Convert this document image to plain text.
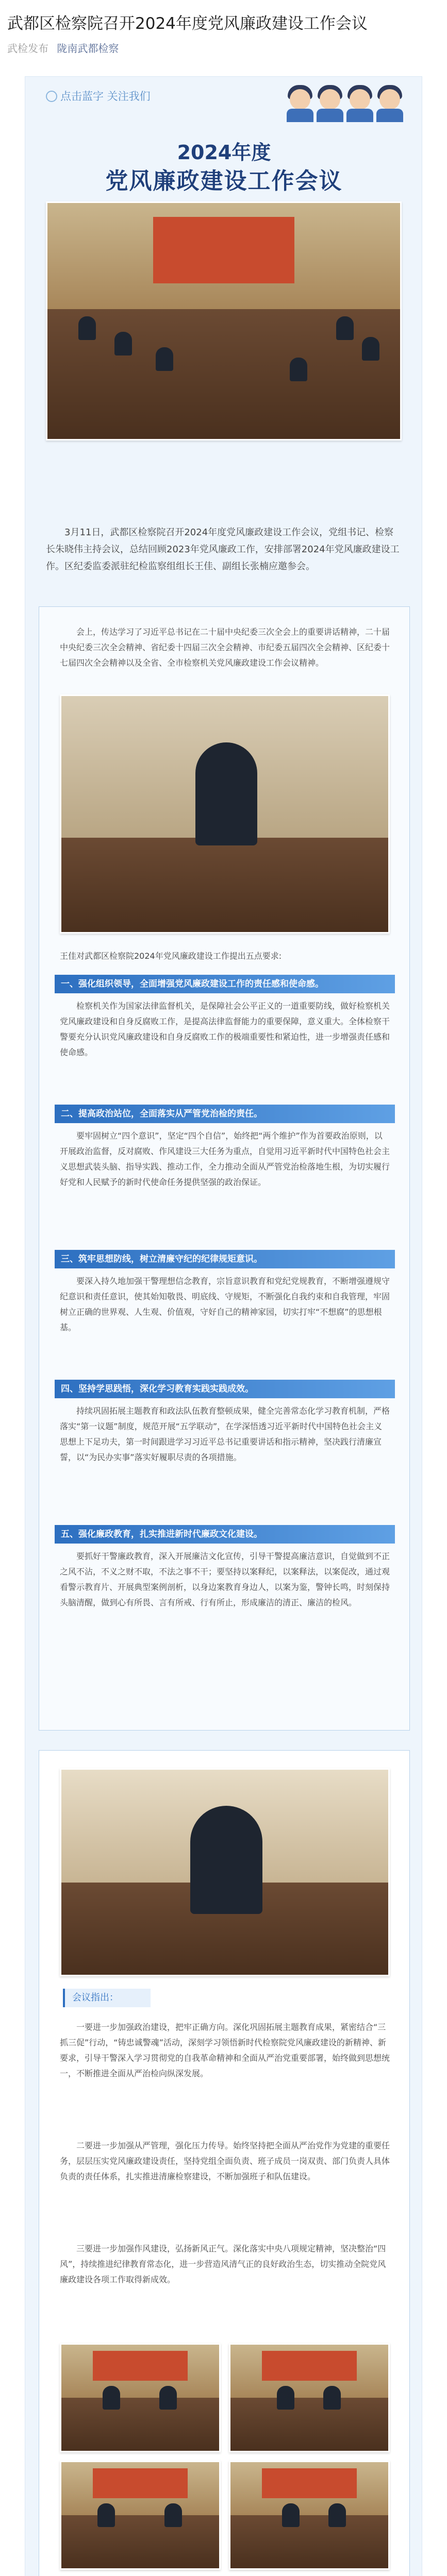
武都区检察院召开2024年度党风廉政建设工作会议
武检发布 陇南武都检察
点击蓝字 关注我们
2024年度
党风廉政建设工作会议
3月11日，武都区检察院召开2024年度党风廉政建设工作会议，党组书记、检察长朱晓伟主持会议，总结回顾2023年党风廉政工作，安排部署2024年党风廉政建设工作。区纪委监委派驻纪检监察组组长王佳、副组长张楠应邀参会。
会上，传达学习了习近平总书记在二十届中央纪委三次全会上的重要讲话精神，二十届中央纪委三次全会精神、省纪委十四届三次全会精神、市纪委五届四次全会精神、区纪委十七届四次全会精神以及全省、全市检察机关党风廉政建设工作会议精神。
王佳对武都区检察院2024年党风廉政建设工作提出五点要求:
一、强化组织领导，全面增强党风廉政建设工作的责任感和使命感。
检察机关作为国家法律监督机关，是保障社会公平正义的一道重要防线，做好检察机关党风廉政建设和自身反腐败工作，是提高法律监督能力的重要保障，意义重大。全体检察干警要充分认识党风廉政建设和自身反腐败工作的极端重要性和紧迫性，进一步增强责任感和使命感。
二、提高政治站位，全面落实从严管党治检的责任。
要牢固树立“四个意识”，坚定“四个自信”，始终把“两个维护”作为首要政治原则，以开展政治监督，反对腐败、作风建设三大任务为重点，自觉用习近平新时代中国特色社会主义思想武装头脑、指导实践、推动工作，全力推动全面从严管党治检落地生根，为切实履行好党和人民赋予的新时代使命任务提供坚强的政治保证。
三、筑牢思想防线，树立清廉守纪的纪律规矩意识。
要深入持久地加强干警理想信念教育，宗旨意识教育和党纪党规教育，不断增强遵规守纪意识和责任意识，使其始知敬畏、明底线、守规矩，不断强化自我约束和自我管理，牢固树立正确的世界观、人生观、价值观，守好自己的精神家园，切实打牢“不想腐”的思想根基。
四、坚持学思践悟，深化学习教育实践实践成效。
持续巩固拓展主题教育和政法队伍教育整顿成果，健全完善常态化学习教育机制，严格落实“第一议题”制度，规范开展“五学联动”，在学深悟透习近平新时代中国特色社会主义思想上下足功夫，第一时间跟进学习习近平总书记重要讲话和指示精神，坚决践行清廉宣誓，以“为民办实事”落实好履职尽责的各项措施。
五、强化廉政教育，扎实推进新时代廉政文化建设。
要抓好干警廉政教育，深入开展廉洁文化宣传，引导干警提高廉洁意识，自觉做到不正之风不沾，不义之财不取，不法之事不干；要坚持以案释纪，以案释法，以案促改，通过观看警示教育片、开展典型案例剖析，以身边案教育身边人，以案为鉴，警钟长鸣，时刻保持头脑清醒，做到心有所畏、言有所戒、行有所止，形成廉洁的清正、廉洁的检风。
会议指出：
一要进一步加强政治建设，把牢正确方向。深化巩固拓展主题教育成果，紧密结合“三抓三促”行动，“铸忠诚警魂”活动，深刻学习领悟新时代检察院党风廉政建设的新精神、新要求，引导干警深入学习贯彻党的自我革命精神和全面从严治党重要部署，始终做到思想统一，不断推进全面从严治检向纵深发展。
二要进一步加强从严管理，强化压力传导。始终坚持把全面从严治党作为党建的重要任务，层层压实党风廉政建设责任，坚持党组全面负责、班子成员一岗双责、部门负责人具体负责的责任体系，扎实推进清廉检察建设，不断加强班子和队伍建设。
三要进一步加强作风建设，弘扬新风正气。深化落实中央八项规定精神，坚决整治“四风”，持续推进纪律教育常态化，进一步营造风清气正的良好政治生态，切实推动全院党风廉政建设各项工作取得新成效。
